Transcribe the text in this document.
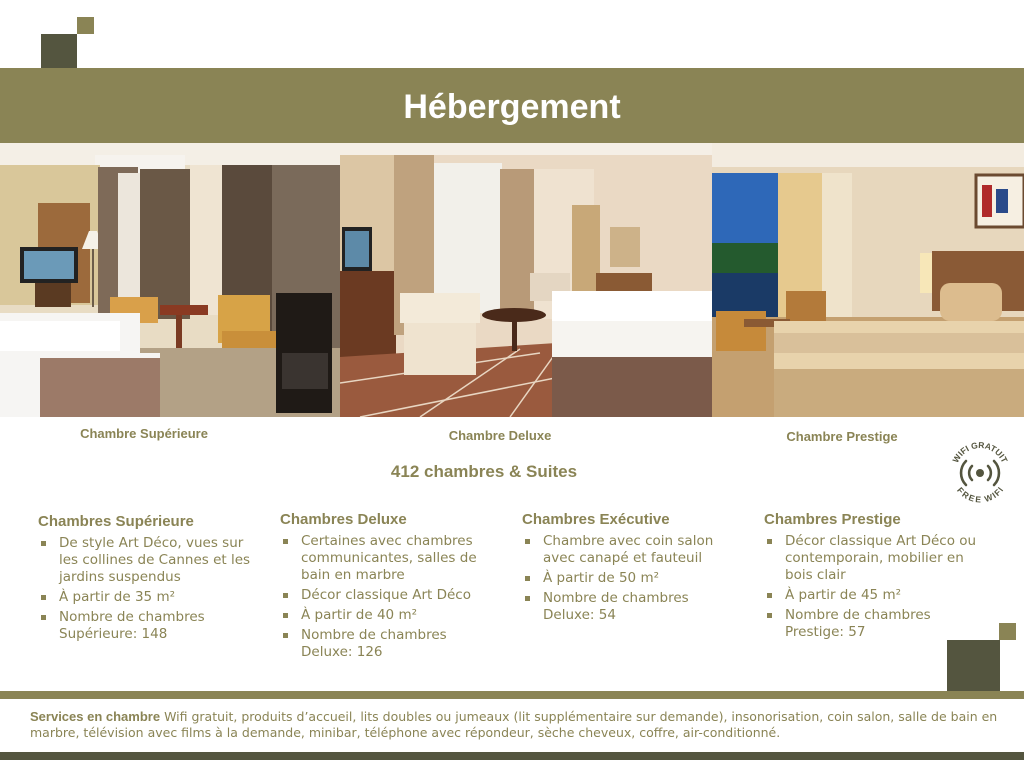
Hébergement
Chambre Supérieure	Chambre Deluxe	Chambre Prestige
WIFI GRATUIT
FREE WIFI
412 chambres & Suites
Chambres Supérieure
De style Art Déco, vues sur les collines de Cannes et les jardins suspendus
À partir de 35 m²
Nombre de chambres Supérieure: 148
Chambres Deluxe
Certaines avec chambres communicantes, salles de bain en marbre
Décor classique Art Déco
À partir de 40 m²
Nombre de chambres Deluxe: 126
Chambres Exécutive
Chambre avec coin salon avec canapé et fauteuil
À partir de 50 m²
Nombre de chambres Deluxe: 54
Chambres Prestige
Décor classique Art Déco ou contemporain, mobilier en bois clair
À partir de 45 m²
Nombre de chambres Prestige: 57
Services en chambre Wifi gratuit, produits d’accueil, lits doubles ou jumeaux (lit supplémentaire sur demande), insonorisation, coin salon, salle de bain en marbre, télévision avec films à la demande, minibar, téléphone avec répondeur, sèche cheveux, coffre, air-conditionné.
